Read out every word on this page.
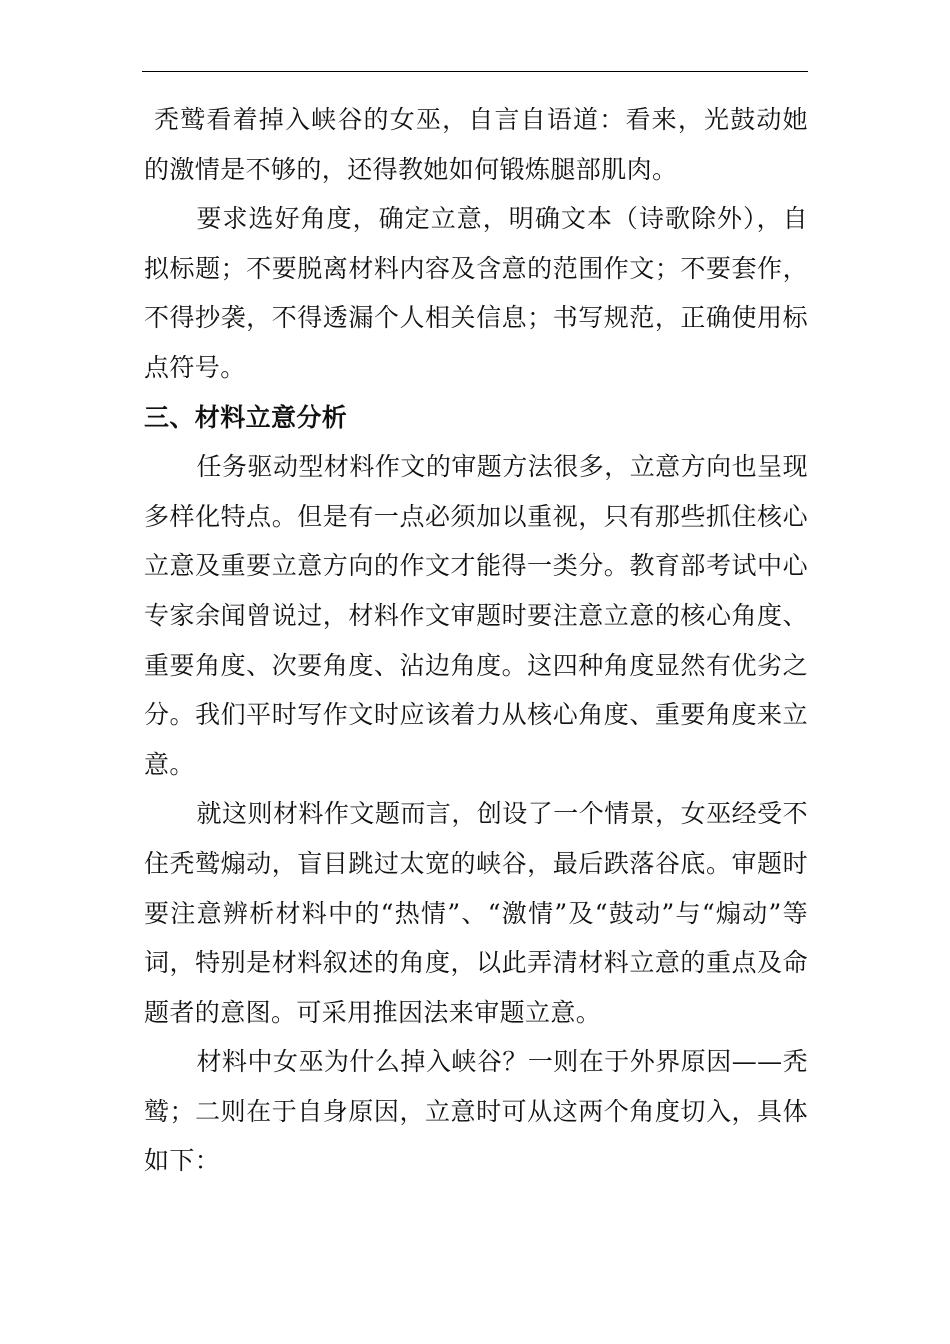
秃鹫看着掉入峡谷的女巫，自言自语道：看来，光鼓动她的激情是不够的，还得教她如何锻炼腿部肌肉。

要求选好角度，确定立意，明确文本（诗歌除外），自拟标题；不要脱离材料内容及含意的范围作文；不要套作，不得抄袭，不得透漏个人相关信息；书写规范，正确使用标点符号。

三、材料立意分析

任务驱动型材料作文的审题方法很多，立意方向也呈现多样化特点。但是有一点必须加以重视，只有那些抓住核心立意及重要立意方向的作文才能得一类分。教育部考试中心专家余闻曾说过，材料作文审题时要注意立意的核心角度、重要角度、次要角度、沾边角度。这四种角度显然有优劣之分。我们平时写作文时应该着力从核心角度、重要角度来立意。

就这则材料作文题而言，创设了一个情景，女巫经受不住秃鹫煽动，盲目跳过太宽的峡谷，最后跌落谷底。审题时要注意辨析材料中的“热情”、“激情”及“鼓动”与“煽动”等词，特别是材料叙述的角度，以此弄清材料立意的重点及命题者的意图。可采用推因法来审题立意。

材料中女巫为什么掉入峡谷？一则在于外界原因——秃鹫；二则在于自身原因，立意时可从这两个角度切入，具体如下：
